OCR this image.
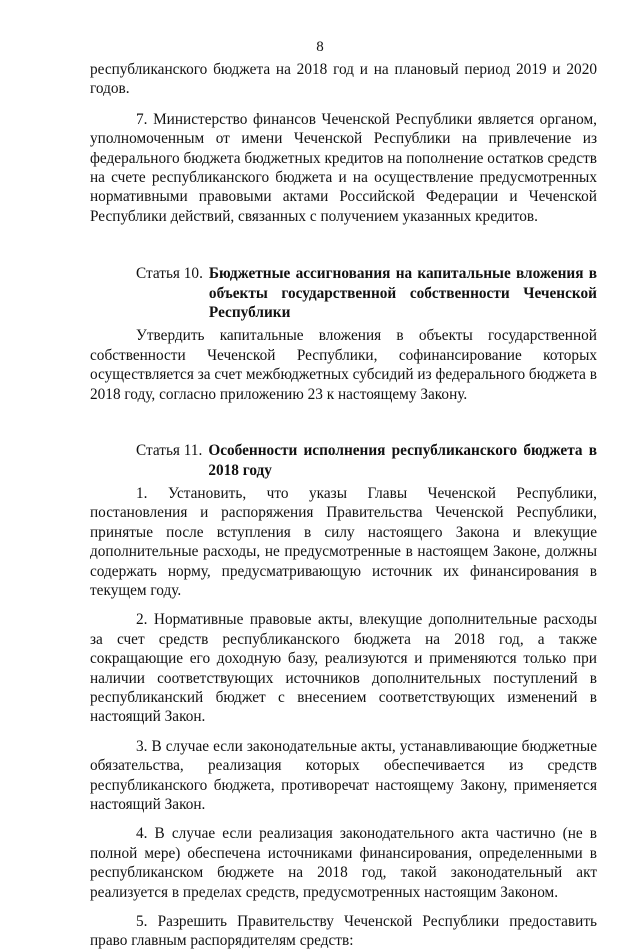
8

республиканского бюджета на 2018 год и на плановый период 2019 и 2020 годов.

7. Министерство финансов Чеченской Республики является органом, уполномоченным от имени Чеченской Республики на привлечение из федерального бюджета бюджетных кредитов на пополнение остатков средств на счете республиканского бюджета и на осуществление предусмотренных нормативными правовыми актами Российской Федерации и Чеченской Республики действий, связанных с получением указанных кредитов.

Статья 10. Бюджетные ассигнования на капитальные вложения в объекты государственной собственности Чеченской Республики

Утвердить капитальные вложения в объекты государственной собственности Чеченской Республики, софинансирование которых осуществляется за счет межбюджетных субсидий из федерального бюджета в 2018 году, согласно приложению 23 к настоящему Закону.

Статья 11. Особенности исполнения республиканского бюджета в 2018 году

1. Установить, что указы Главы Чеченской Республики, постановления и распоряжения Правительства Чеченской Республики, принятые после вступления в силу настоящего Закона и влекущие дополнительные расходы, не предусмотренные в настоящем Законе, должны содержать норму, предусматривающую источник их финансирования в текущем году.

2. Нормативные правовые акты, влекущие дополнительные расходы за счет средств республиканского бюджета на 2018 год, а также сокращающие его доходную базу, реализуются и применяются только при наличии соответствующих источников дополнительных поступлений в республиканский бюджет с внесением соответствующих изменений в настоящий Закон.

3. В случае если законодательные акты, устанавливающие бюджетные обязательства, реализация которых обеспечивается из средств республиканского бюджета, противоречат настоящему Закону, применяется настоящий Закон.

4. В случае если реализация законодательного акта частично (не в полной мере) обеспечена источниками финансирования, определенными в республиканском бюджете на 2018 год, такой законодательный акт реализуется в пределах средств, предусмотренных настоящим Законом.

5. Разрешить Правительству Чеченской Республики предоставить право главным распорядителям средств:
